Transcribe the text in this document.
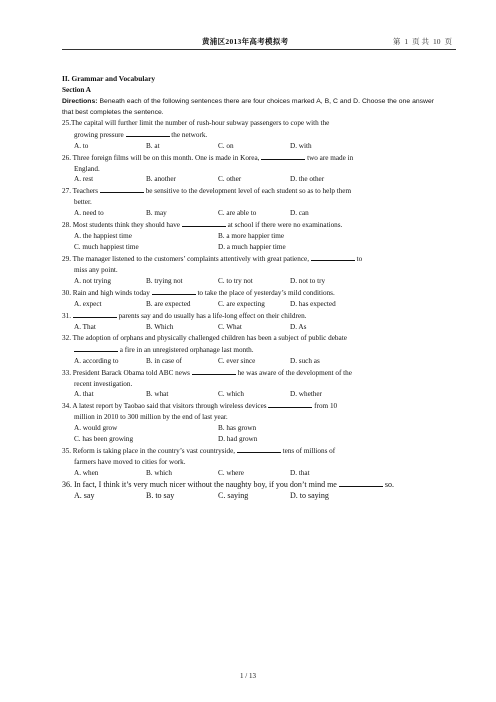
黄浦区2013年高考模拟考	第 1 页 共 10 页
II. Grammar and Vocabulary
Section A
Directions: Beneath each of the following sentences there are four choices marked A, B, C and D. Choose the one answer that best completes the sentence.
25.The capital will further limit the number of rush-hour subway passengers to cope with the
growing pressure	the network.
A. to	B. at	C. on	D. with
26. Three foreign films will be on this month. One is made in Korea,	two are made in
England.
A. rest	B. another	C. other	D. the other
27. Teachers	be sensitive to the development level of each student so as to help them
better.
A. need to	B. may	C. are able to	D. can
28. Most students think they should have	at school if there were no examinations.
A. the happiest time	B. a more happier time
C. much happiest time	D. a much happier time
29. The manager listened to the customers’ complaints attentively with great patience,	to
miss any point.
A. not trying	B. trying not	C. to try not	D. not to try
30. Rain and high winds today	to take the place of yesterday’s mild conditions.
A. expect	B. are expected	C. are expecting	D. has expected
31.	parents say and do usually has a life-long effect on their children.
A. That	B. Which	C. What	D. As
32. The adoption of orphans and physically challenged children has been a subject of public debate
a fire in an unregistered orphanage last month.
A. according to	B. in case of	C. ever since	D. such as
33. President Barack Obama told ABC news	he was aware of the development of the
recent investigation.
A. that	B. what	C. which	D. whether
34. A latest report by Taobao said that visitors through wireless devices	from 10
million in 2010 to 300 million by the end of last year.
A. would grow	B. has grown
C. has been growing	D. had grown
35. Reform is taking place in the country’s vast countryside,	tens of millions of
farmers have moved to cities for work.
A. when	B. which	C. where	D. that
36. In fact, I think it’s very much nicer without the naughty boy, if you don’t mind me	so.
A. say	B. to say	C. saying	D. to saying
1 / 13
